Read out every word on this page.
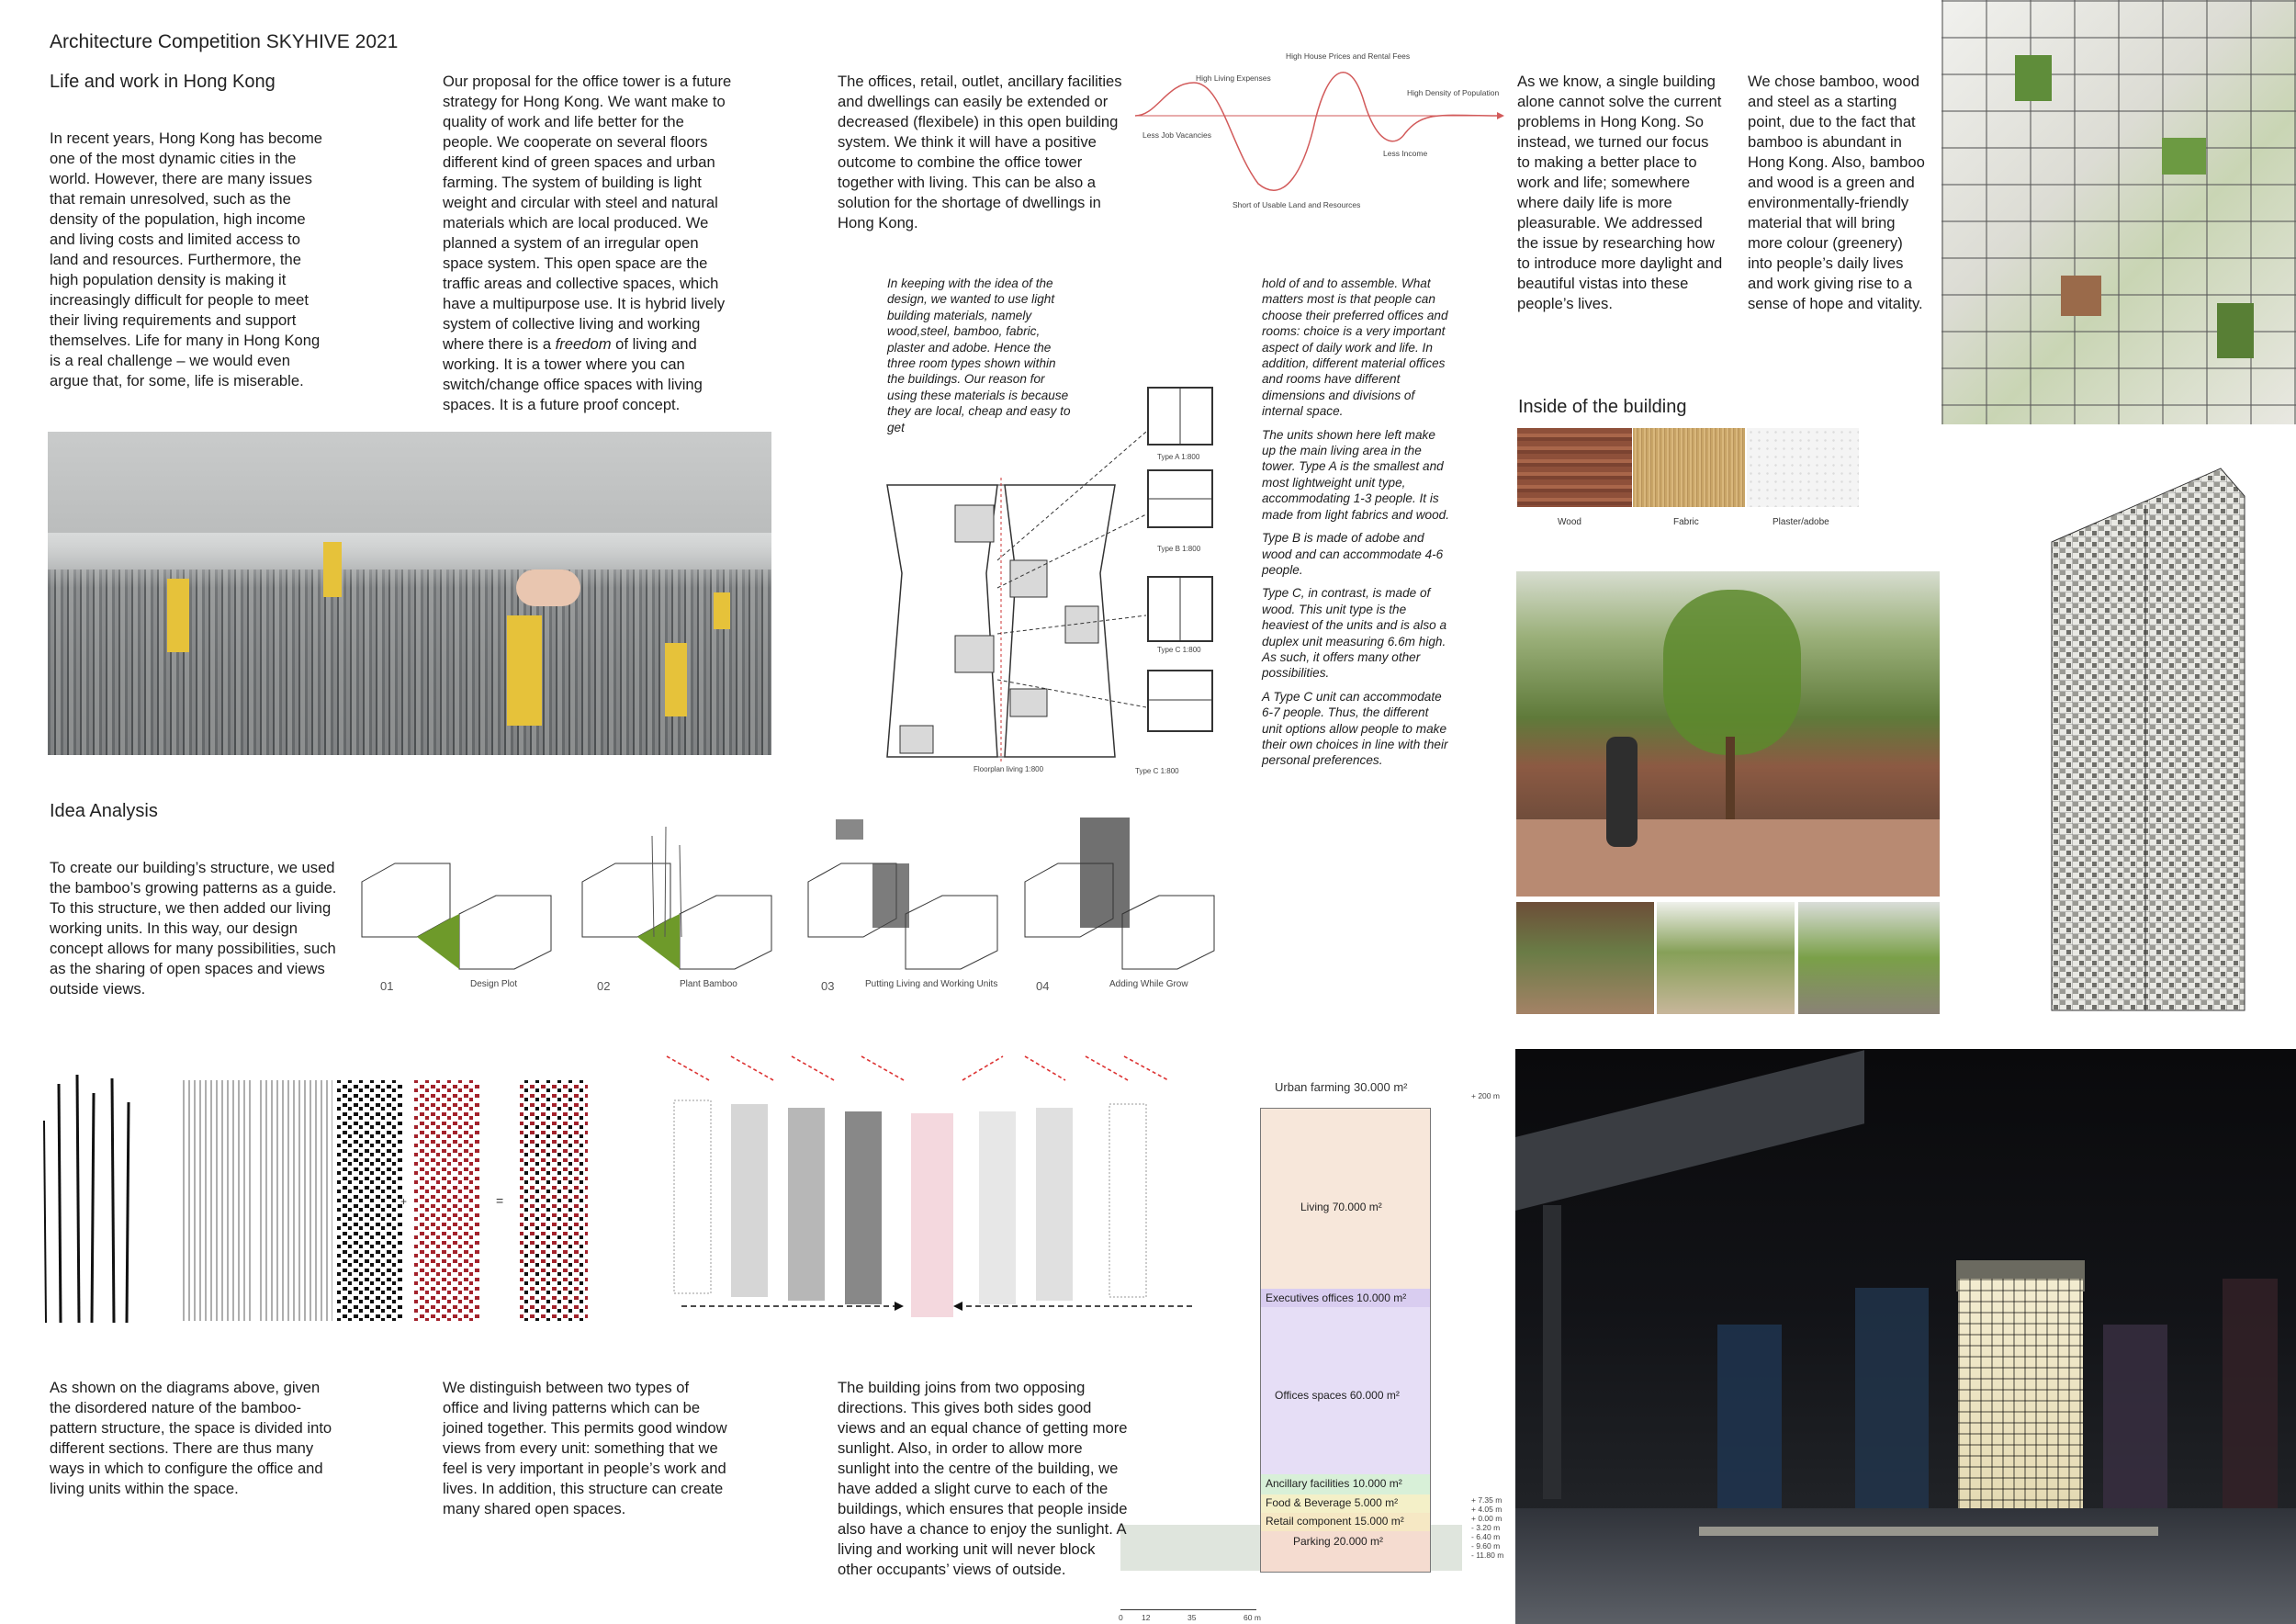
Architecture Competition SKYHIVE 2021
Life and work in Hong Kong
In recent years, Hong Kong has become one of the most dynamic cities in the world. However, there are many issues that remain unresolved, such as the density of the population, high income and living costs and limited access to land and resources. Furthermore, the high population density is making it increasingly difficult for people to meet their living requirements and support themselves. Life for many in Hong Kong is a real challenge – we would even argue that, for some, life is miserable.
Our proposal for the office tower is a future strategy for Hong Kong. We want make to quality of work and life better for the people. We cooperate on several floors different kind of green spaces and urban farming. The system of building is light weight and circular with steel and natural materials which are local produced. We planned a system of an irregular open space system. This open space are the traffic areas and collective spaces, which have a multipurpose use. It is hybrid lively system of collective living and working where there is a freedom of living and working. It is a tower where you can switch/change office spaces with living spaces. It is a future proof concept.
The offices, retail, outlet, ancillary facilities and dwellings can easily be extended or decreased (flexibele) in this open building system. We think it will have a positive outcome to combine the office tower together with living. This can be also a solution for the shortage of dwellings in Hong Kong.
As we know, a single building alone cannot solve the current problems in Hong Kong. So instead, we turned our focus to making a better place to work and life; somewhere where daily life is more pleasurable. We addressed the issue by researching how to introduce more daylight and beautiful vistas into these people’s lives.
We chose bamboo, wood and steel as a starting point, due to the fact that bamboo is abundant in Hong Kong. Also, bamboo and wood is a green and environmentally-friendly material that will bring more colour (greenery) into people’s daily lives and work giving rise to a sense of hope and vitality.
High House Prices and Rental Fees
High Living Expenses
High Density of Population
Less Job Vacancies
Less Income
Short of Usable Land and Resources
Floorplan living 1:800
Type A 1:800
Type B 1:800
Type C 1:800
Type C 1:800
In keeping with the idea of the design, we wanted to use light building materials, namely wood,steel, bamboo, fabric, plaster and adobe. Hence the three room types shown within the buildings. Our reason for using these materials is because they are local, cheap and easy to get

hold of and to assemble. What matters most is that people can choose their preferred offices and rooms: choice is a very important aspect of daily work and life. In addition, different material offices and rooms have different dimensions and divisions of internal space.

The units shown here left make up the main living area in the tower. Type A is the smallest and most lightweight unit type, accommodating 1-3 people. It is made from light fabrics and wood.

Type B is made of adobe and wood and can accommodate 4-6 people.

Type C, in contrast, is made of wood. This unit type is the heaviest of the units and is also a duplex unit measuring 6.6m high. As such, it offers many other possibilities.

A Type C unit can accommodate 6-7 people. Thus, the different unit options allow people to make their own choices in line with their personal preferences.

Inside of the building
Wood	Fabric	Plaster/adobe
Idea Analysis
To create our building’s structure, we used the bamboo’s growing patterns as a guide. To this structure, we then added our living working units. In this way, our design concept allows for many possibilities, such as the sharing of open spaces and views outside views.	01	Design Plot	02	Plant Bamboo	03	Putting Living and Working Units	04	Adding While Grow
+	=
Urban farming 30.000 m²
Living 70.000 m²
Executives offices 10.000 m²
Offices spaces 60.000 m²
Ancillary facilities 10.000 m²
Food & Beverage 5.000 m²
Retail component 15.000 m²
Parking 20.000 m²
+ 200 m
+ 7.35 m
+ 4.05 m
+ 0.00 m
- 3.20 m
- 6.40 m
- 9.60 m
- 11.80 m
0 12	35	60 m
As shown on the diagrams above, given the disordered nature of the bamboo-pattern structure, the space is divided into different sections. There are thus many ways in which to configure the office and living units within the space.
We distinguish between two types of office and living patterns which can be joined together. This permits good window views from every unit: something that we feel is very important in people’s work and lives. In addition, this structure can create many shared open spaces.
The building joins from two opposing directions. This gives both sides good views and an equal chance of getting more sunlight. Also, in order to allow more sunlight into the centre of the building, we have added a slight curve to each of the buildings, which ensures that people inside also have a chance to enjoy the sunlight. A living and working unit will never block other occupants’ views of outside.
